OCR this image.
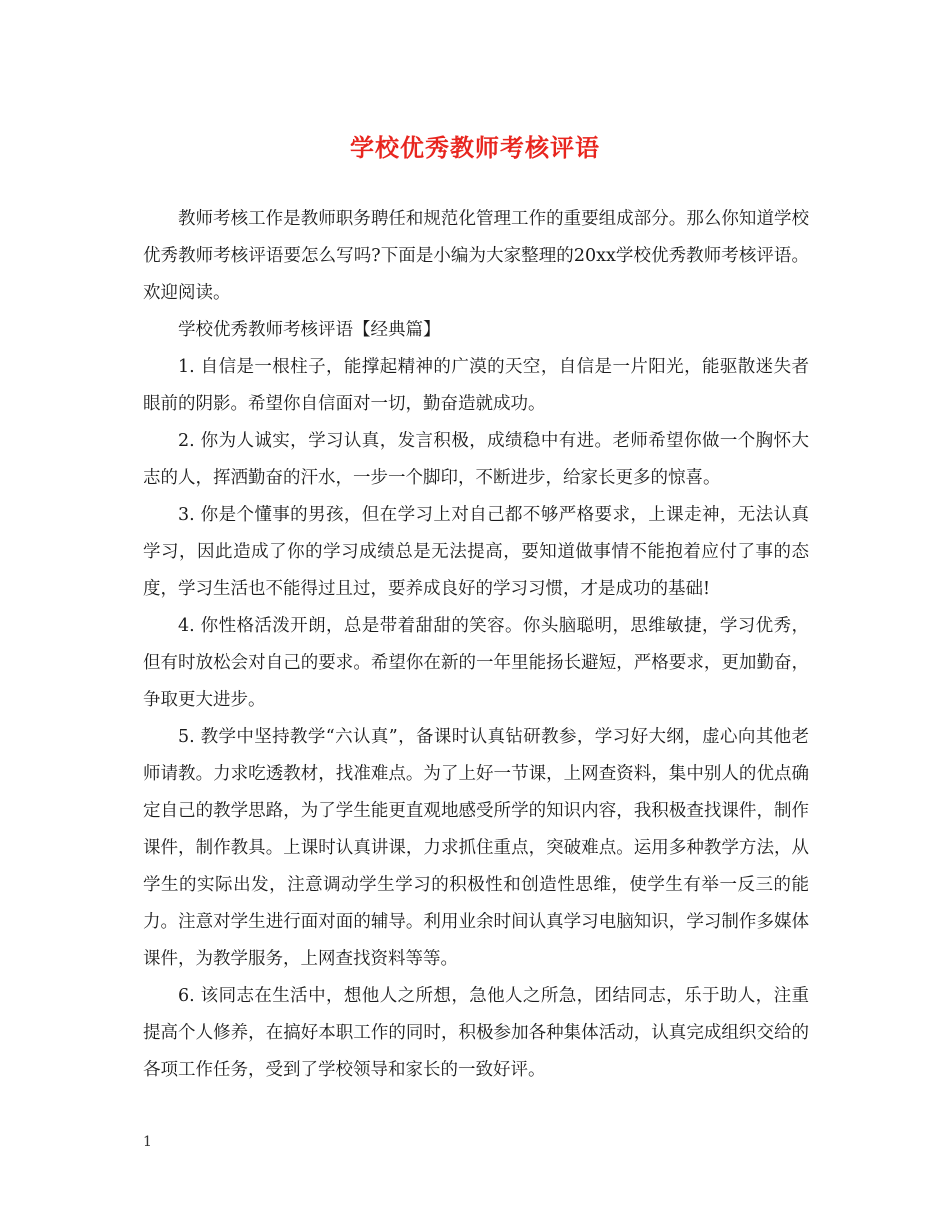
学校优秀教师考核评语

教师考核工作是教师职务聘任和规范化管理工作的重要组成部分。那么你知道学校优秀教师考核评语要怎么写吗?下面是小编为大家整理的20xx学校优秀教师考核评语。欢迎阅读。

学校优秀教师考核评语【经典篇】

1. 自信是一根柱子，能撑起精神的广漠的天空，自信是一片阳光，能驱散迷失者眼前的阴影。希望你自信面对一切，勤奋造就成功。

2. 你为人诚实，学习认真，发言积极，成绩稳中有进。老师希望你做一个胸怀大志的人，挥洒勤奋的汗水，一步一个脚印，不断进步，给家长更多的惊喜。

3. 你是个懂事的男孩，但在学习上对自己都不够严格要求，上课走神，无法认真学习，因此造成了你的学习成绩总是无法提高，要知道做事情不能抱着应付了事的态度，学习生活也不能得过且过，要养成良好的学习习惯，才是成功的基础!

4. 你性格活泼开朗，总是带着甜甜的笑容。你头脑聪明，思维敏捷，学习优秀，但有时放松会对自己的要求。希望你在新的一年里能扬长避短，严格要求，更加勤奋，争取更大进步。

5. 教学中坚持教学“六认真”，备课时认真钻研教参，学习好大纲，虚心向其他老师请教。力求吃透教材，找准难点。为了上好一节课，上网查资料，集中别人的优点确定自己的教学思路，为了学生能更直观地感受所学的知识内容，我积极查找课件，制作课件，制作教具。上课时认真讲课，力求抓住重点，突破难点。运用多种教学方法，从学生的实际出发，注意调动学生学习的积极性和创造性思维，使学生有举一反三的能力。注意对学生进行面对面的辅导。利用业余时间认真学习电脑知识，学习制作多媒体课件，为教学服务，上网查找资料等等。

6. 该同志在生活中，想他人之所想，急他人之所急，团结同志，乐于助人，注重提高个人修养，在搞好本职工作的同时，积极参加各种集体活动，认真完成组织交给的各项工作任务，受到了学校领导和家长的一致好评。

1
